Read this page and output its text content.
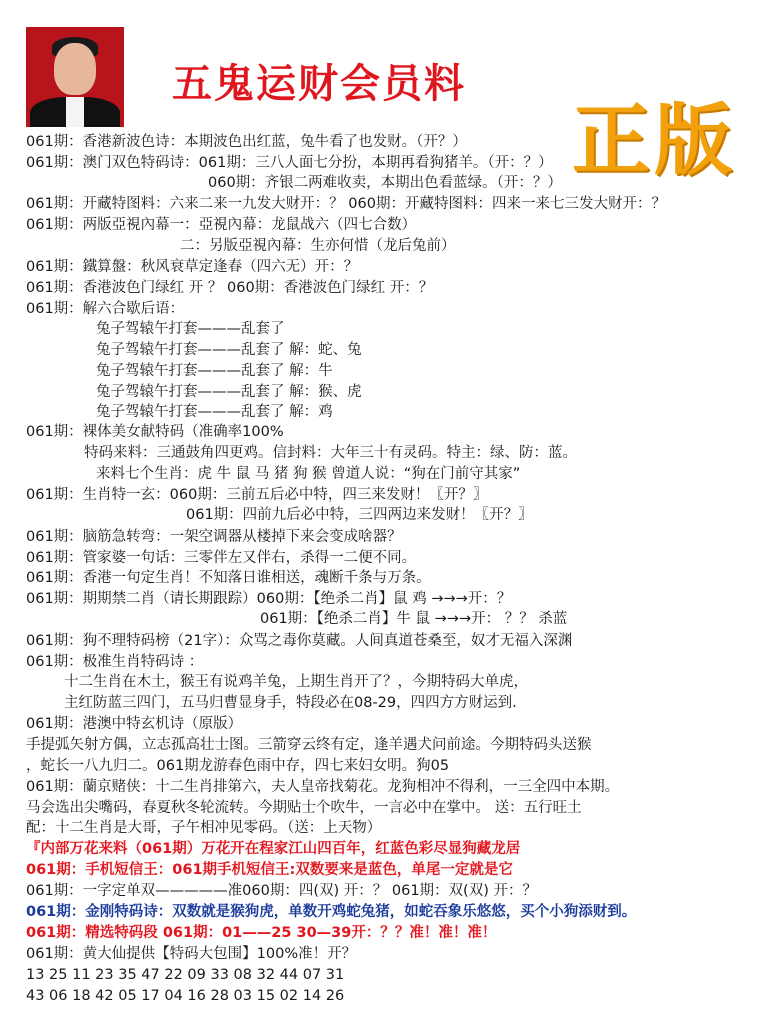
五鬼运财会员料
正版
061期：香港新波色诗：本期波色出红蓝，兔牛看了也发财。（开？）
061期：澳门双色特码诗：061期：三八人面七分扮，本期再看狗猪羊。（开：？）
060期：齐银二两难收卖，本期出色看蓝绿。（开：？）
061期：开藏特图料：六来二来一九发大财开：？ 060期：开藏特图料：四来一来七三发大财开：？
061期：两版亞視內幕一：亞視內幕：龙鼠战六（四七合数）
二：另版亞視內幕：生亦何惜（龙后兔前）
061期：鐵算盤：秋风衰草定逢春（四六无）开：？
061期：香港波色门绿红 开 ？ 060期：香港波色门绿红 开：？
061期：解六合歇后语：
兔子驾辕午打套———乱套了
兔子驾辕午打套———乱套了 解：蛇、兔
兔子驾辕午打套———乱套了 解：牛
兔子驾辕午打套———乱套了 解：猴、虎
兔子驾辕午打套———乱套了 解：鸡
061期：裸体美女献特码（准确率100%
特码来料：三通鼓角四更鸡。信封料：大年三十有灵码。特主：绿、防：蓝。
来料七个生肖：虎 牛 鼠 马 猪 狗 猴 曾道人说：“狗在门前守其家”
061期：生肖特一玄：060期：三前五后必中特，四三来发财！〖开？〗
061期：四前九后必中特，三四两边来发财！〖开？〗
061期：脑筋急转弯：一架空调器从楼掉下来会变成啥器？
061期：管家婆一句话：三零伴左又伴右，杀得一二便不同。
061期：香港一句定生肖！不知落日谁相送，魂断千条与万条。
061期：期期禁二肖（请长期跟踪）060期：【绝杀二肖】鼠 鸡 →→→开：？
061期：【绝杀二肖】牛 鼠 →→→开： ？？ 杀蓝
061期：狗不理特码榜（21字）：众骂之毒你莫藏。人间真道苍桑至，奴才无福入深渊
061期：极准生肖特码诗 ：
十二生肖在木土，猴王有说鸡羊兔，上期生肖开了？，今期特码大单虎，
主红防蓝三四门，五马归曹显身手，特段必在08-29，四四方方财运到.
061期：港澳中特玄机诗（原版）
手提弧矢射方偶，立志孤高壮士图。三箭穿云终有定，逢羊遇犬问前途。今期特码头送猴
，蛇长一八九归二。061期龙游春色雨中存，四七来妇女明。狗05
061期：蘭京赌侠：十二生肖排第六，夫人皇帝找菊花。龙狗相冲不得利，一三全四中本期。
马会选出尖嘴码，春夏秋冬轮流转。今期贴士个吹牛，一言必中在掌中。 送：五行旺土
配：十二生肖是大哥，子午相冲见零码。（送：上天物）
『内部万花来料（061期）万花开在程家江山四百年，红蓝色彩尽显狗藏龙居
061期：手机短信王：061期手机短信王:双数要来是蓝色，单尾一定就是它
061期：一字定单双—————准060期：四(双) 开：？ 061期：双(双) 开：？
061期：金刚特码诗：双数就是猴狗虎，单数开鸡蛇兔猪，如蛇吞象乐悠悠，买个小狗添财到。
061期：精选特码段 061期：01——25 30—39开：？？准！准！准！
061期：黄大仙提供【特码大包围】100%准！开？
13 25 11 23 35 47 22 09 33 08 32 44 07 31
43 06 18 42 05 17 04 16 28 03 15 02 14 26
